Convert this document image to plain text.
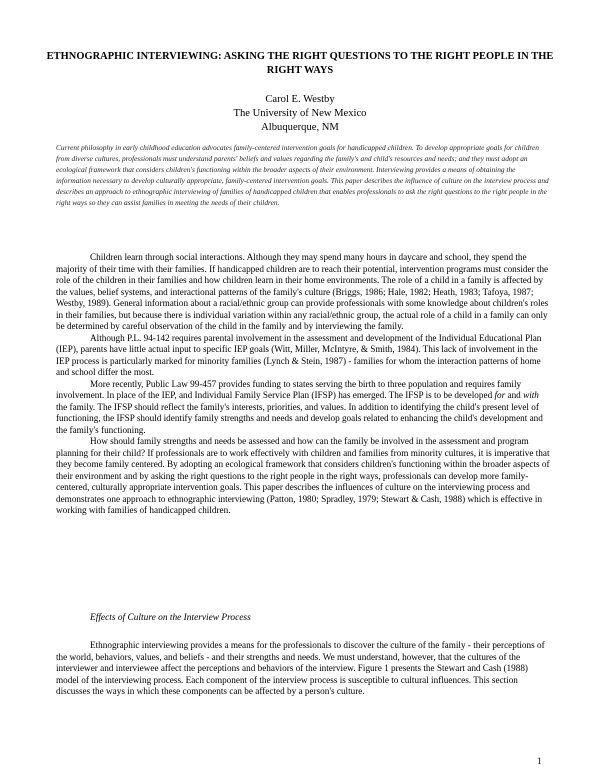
ETHNOGRAPHIC INTERVIEWING: ASKING THE RIGHT QUESTIONS TO THE RIGHT PEOPLE IN THE RIGHT WAYS
Carol E. Westby
The University of New Mexico
Albuquerque, NM
Current philosophy in early childhood education advocates family-centered intervention goals for handicapped children. To develop appropriate goals for children from diverse cultures, professionals must understand parents' beliefs and values regarding the family's and child's resources and needs; and they must adopt an ecological framework that considers children's functioning within the broader aspects of their environment. Interviewing provides a means of obtaining the information necessary to develop culturally appropriate, family-centered intervention goals. This paper describes the influence of culture on the interview process and describes an approach to ethnographic interviewing of families of handicapped children that enables professionals to ask the right questions to the right people in the right ways so they can assist families in meeting the needs of their children.

Children learn through social interactions. Although they may spend many hours in daycare and school, they spend the majority of their time with their families. If handicapped children are to reach their potential, intervention programs must consider the role of the children in their families and how children learn in their home environments. The role of a child in a family is affected by the values, belief systems, and interactional patterns of the family's culture (Briggs, 1986; Hale, 1982; Heath, 1983; Tafoya, 1987; Westby, 1989). General information about a racial/ethnic group can provide professionals with some knowledge about children's roles in their families, but because there is individual variation within any racial/ethnic group, the actual role of a child in a family can only be determined by careful observation of the child in the family and by interviewing the family.

Although P.L. 94-142 requires parental involvement in the assessment and development of the Individual Educational Plan (IEP), parents have little actual input to specific IEP goals (Witt, Miller, McIntyre, & Smith, 1984). This lack of involvement in the IEP process is particularly marked for minority families (Lynch & Stein, 1987) - families for whom the interaction patterns of home and school differ the most.

More recently, Public Law 99-457 provides funding to states serving the birth to three population and requires family involvement. In place of the IEP, and Individual Family Service Plan (IFSP) has emerged. The IFSP is to be developed for and with the family. The IFSP should reflect the family's interests, priorities, and values. In addition to identifying the child's present level of functioning, the IFSP should identify family strengths and needs and develop goals related to enhancing the child's development and the family's functioning.

How should family strengths and needs be assessed and how can the family be involved in the assessment and program planning for their child? If professionals are to work effectively with children and families from minority cultures, it is imperative that they become family centered. By adopting an ecological framework that considers children's functioning within the broader aspects of their environment and by asking the right questions to the right people in the right ways, professionals can develop more family-centered, culturally appropriate intervention goals. This paper describes the influences of culture on the interviewing process and demonstrates one approach to ethnographic interviewing (Patton, 1980; Spradley, 1979; Stewart & Cash, 1988) which is effective in working with families of handicapped children.

Effects of Culture on the Interview Process

Ethnographic interviewing provides a means for the professionals to discover the culture of the family - their perceptions of the world, behaviors, values, and beliefs - and their strengths and needs. We must understand, however, that the cultures of the interviewer and interviewee affect the perceptions and behaviors of the interview. Figure 1 presents the Stewart and Cash (1988) model of the interviewing process. Each component of the interview process is susceptible to cultural influences. This section discusses the ways in which these components can be affected by a person's culture.

1
